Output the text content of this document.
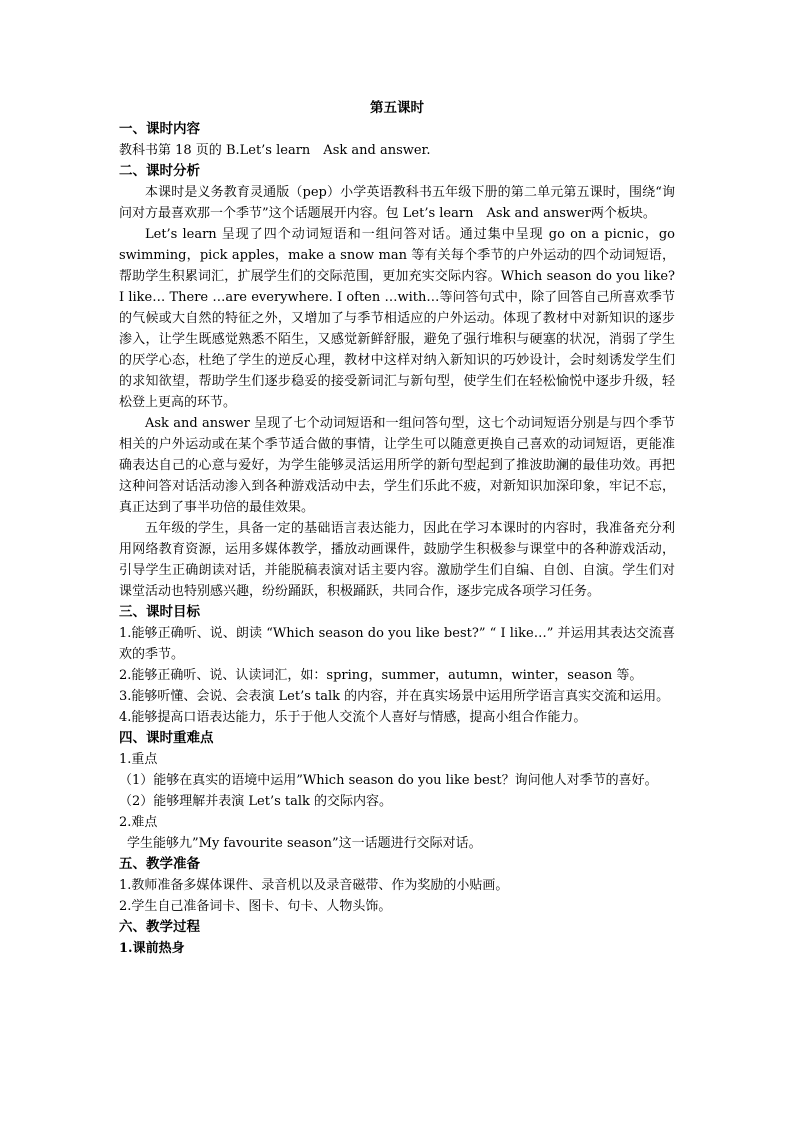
第五课时
一、课时内容
教科书第 18 页的 B.Let’s learn　Ask and answer.
二、课时分析
本课时是义务教育灵通版（pep）小学英语教科书五年级下册的第二单元第五课时，围绕“询问对方最喜欢那一个季节”这个话题展开内容。包 Let’s learn　Ask and answer两个板块。
Let’s learn 呈现了四个动词短语和一组问答对话。通过集中呈现 go on a picnic，go swimming，pick apples，make a snow man 等有关每个季节的户外运动的四个动词短语，帮助学生积累词汇，扩展学生们的交际范围，更加充实交际内容。Which season do you like? I like… There …are everywhere. I often …with…等问答句式中，除了回答自己所喜欢季节的气候或大自然的特征之外，又增加了与季节相适应的户外运动。体现了教材中对新知识的逐步渗入，让学生既感觉熟悉不陌生，又感觉新鲜舒服，避免了强行堆积与硬塞的状况，消弱了学生的厌学心态，杜绝了学生的逆反心理，教材中这样对纳入新知识的巧妙设计，会时刻诱发学生们的求知欲望，帮助学生们逐步稳妥的接受新词汇与新句型，使学生们在轻松愉悦中逐步升级，轻松登上更高的环节。
Ask and answer 呈现了七个动词短语和一组问答句型，这七个动词短语分别是与四个季节相关的户外运动或在某个季节适合做的事情，让学生可以随意更换自己喜欢的动词短语，更能准确表达自己的心意与爱好，为学生能够灵活运用所学的新句型起到了推波助澜的最佳功效。再把这种问答对话活动渗入到各种游戏活动中去，学生们乐此不疲，对新知识加深印象，牢记不忘，真正达到了事半功倍的最佳效果。
五年级的学生，具备一定的基础语言表达能力，因此在学习本课时的内容时，我准备充分利用网络教育资源，运用多媒体教学，播放动画课件，鼓励学生积极参与课堂中的各种游戏活动，引导学生正确朗读对话，并能脱稿表演对话主要内容。激励学生们自编、自创、自演。学生们对课堂活动也特别感兴趣，纷纷踊跃，积极踊跃，共同合作，逐步完成各项学习任务。
三、课时目标
1.能够正确听、说、朗读 “Which season do you like best?” “ I like…” 并运用其表达交流喜欢的季节。
2.能够正确听、说、认读词汇，如：spring，summer，autumn，winter，season 等。
3.能够听懂、会说、会表演 Let’s talk 的内容，并在真实场景中运用所学语言真实交流和运用。
4.能够提高口语表达能力，乐于于他人交流个人喜好与情感，提高小组合作能力。
四、课时重难点
1.重点
（1）能够在真实的语境中运用”Which season do you like best？询问他人对季节的喜好。
（2）能够理解并表演 Let’s talk 的交际内容。
2.难点
学生能够九”My favourite season”这一话题进行交际对话。
五、教学准备
1.教师准备多媒体课件、录音机以及录音磁带、作为奖励的小贴画。
2.学生自己准备词卡、图卡、句卡、人物头饰。
六、教学过程
1.课前热身
